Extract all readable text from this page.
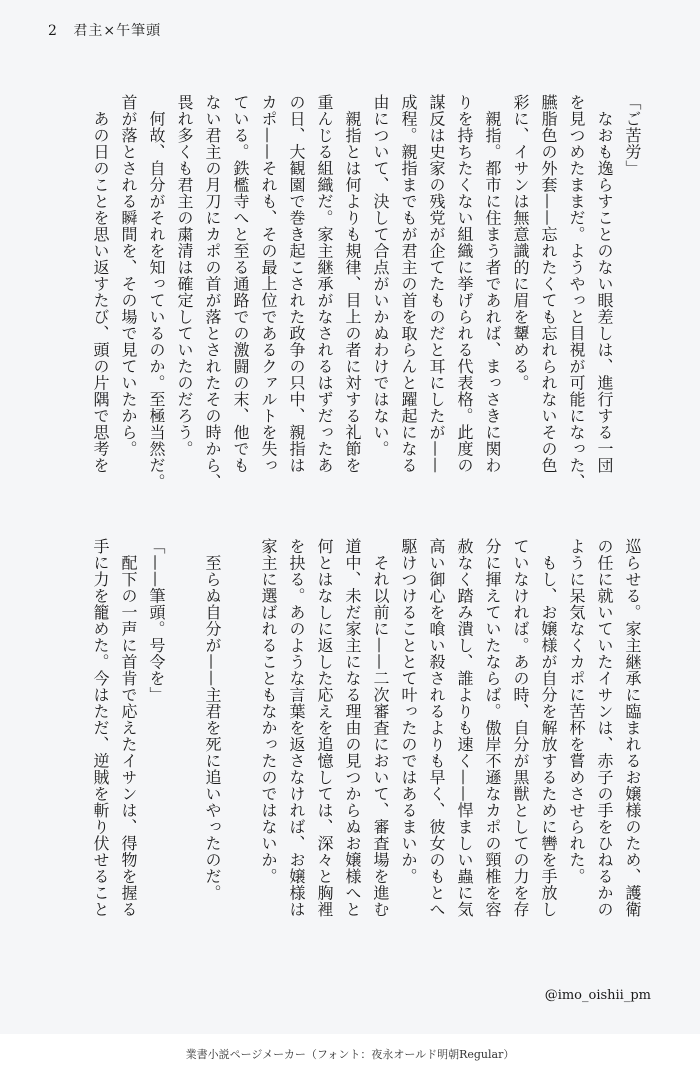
2 君主×午筆頭

「ご苦労」

　なおも逸らすことのない眼差しは、進行する一団

を見つめたままだ。ようやっと目視が可能になった、

臙脂色の外套——忘れたくても忘れられないその色

彩に、イサンは無意識的に眉を顰める。

　親指。都市に住まう者であれば、まっさきに関わ

りを持ちたくない組織に挙げられる代表格。此度の

謀反は史家の残党が企てたものだと耳にしたが——

成程。親指までもが君主の首を取らんと躍起になる

由について、決して合点がいかぬわけではない。

　親指とは何よりも規律、目上の者に対する礼節を

重んじる組織だ。家主継承がなされるはずだったあ

の日、大観園で巻き起こされた政争の只中、親指は

カポ——それも、その最上位であるクァルトを失っ

ている。鉄檻寺へと至る通路での激闘の末、他でも

ない君主の月刀にカポの首が落とされたその時から、

畏れ多くも君主の粛清は確定していたのだろう。

　何故、自分がそれを知っているのか。至極当然だ。

首が落とされる瞬間を、その場で見ていたから。

　あの日のことを思い返すたび、頭の片隅で思考を

巡らせる。家主継承に臨まれるお嬢様のため、護衛

の任に就いていたイサンは、赤子の手をひねるかの

ように呆気なくカポに苦杯を嘗めさせられた。

　もし、お嬢様が自分を解放するために轡を手放し

ていなければ。あの時、自分が黒獣としての力を存

分に揮えていたならば。傲岸不遜なカポの頸椎を容

赦なく踏み潰し、誰よりも速く——悍ましい蟲に気

高い御心を喰い殺されるよりも早く、彼女のもとへ

駆けつけることとて叶ったのではあるまいか。

　それ以前に——二次審査において、審査場を進む

道中、未だ家主になる理由の見つからぬお嬢様へと

何とはなしに返した応えを追憶しては、深々と胸裡

を抉る。あのような言葉を返さなければ、お嬢様は

家主に選ばれることもなかったのではないか。

　至らぬ自分が——主君を死に追いやったのだ。

「——筆頭。号令を」

　配下の一声に首肯で応えたイサンは、得物を握る

手に力を籠めた。今はただ、逆賊を斬り伏せること

@imo_oishii_pm
業書小説ページメーカー（フォント：夜永オールド明朝Regular）
